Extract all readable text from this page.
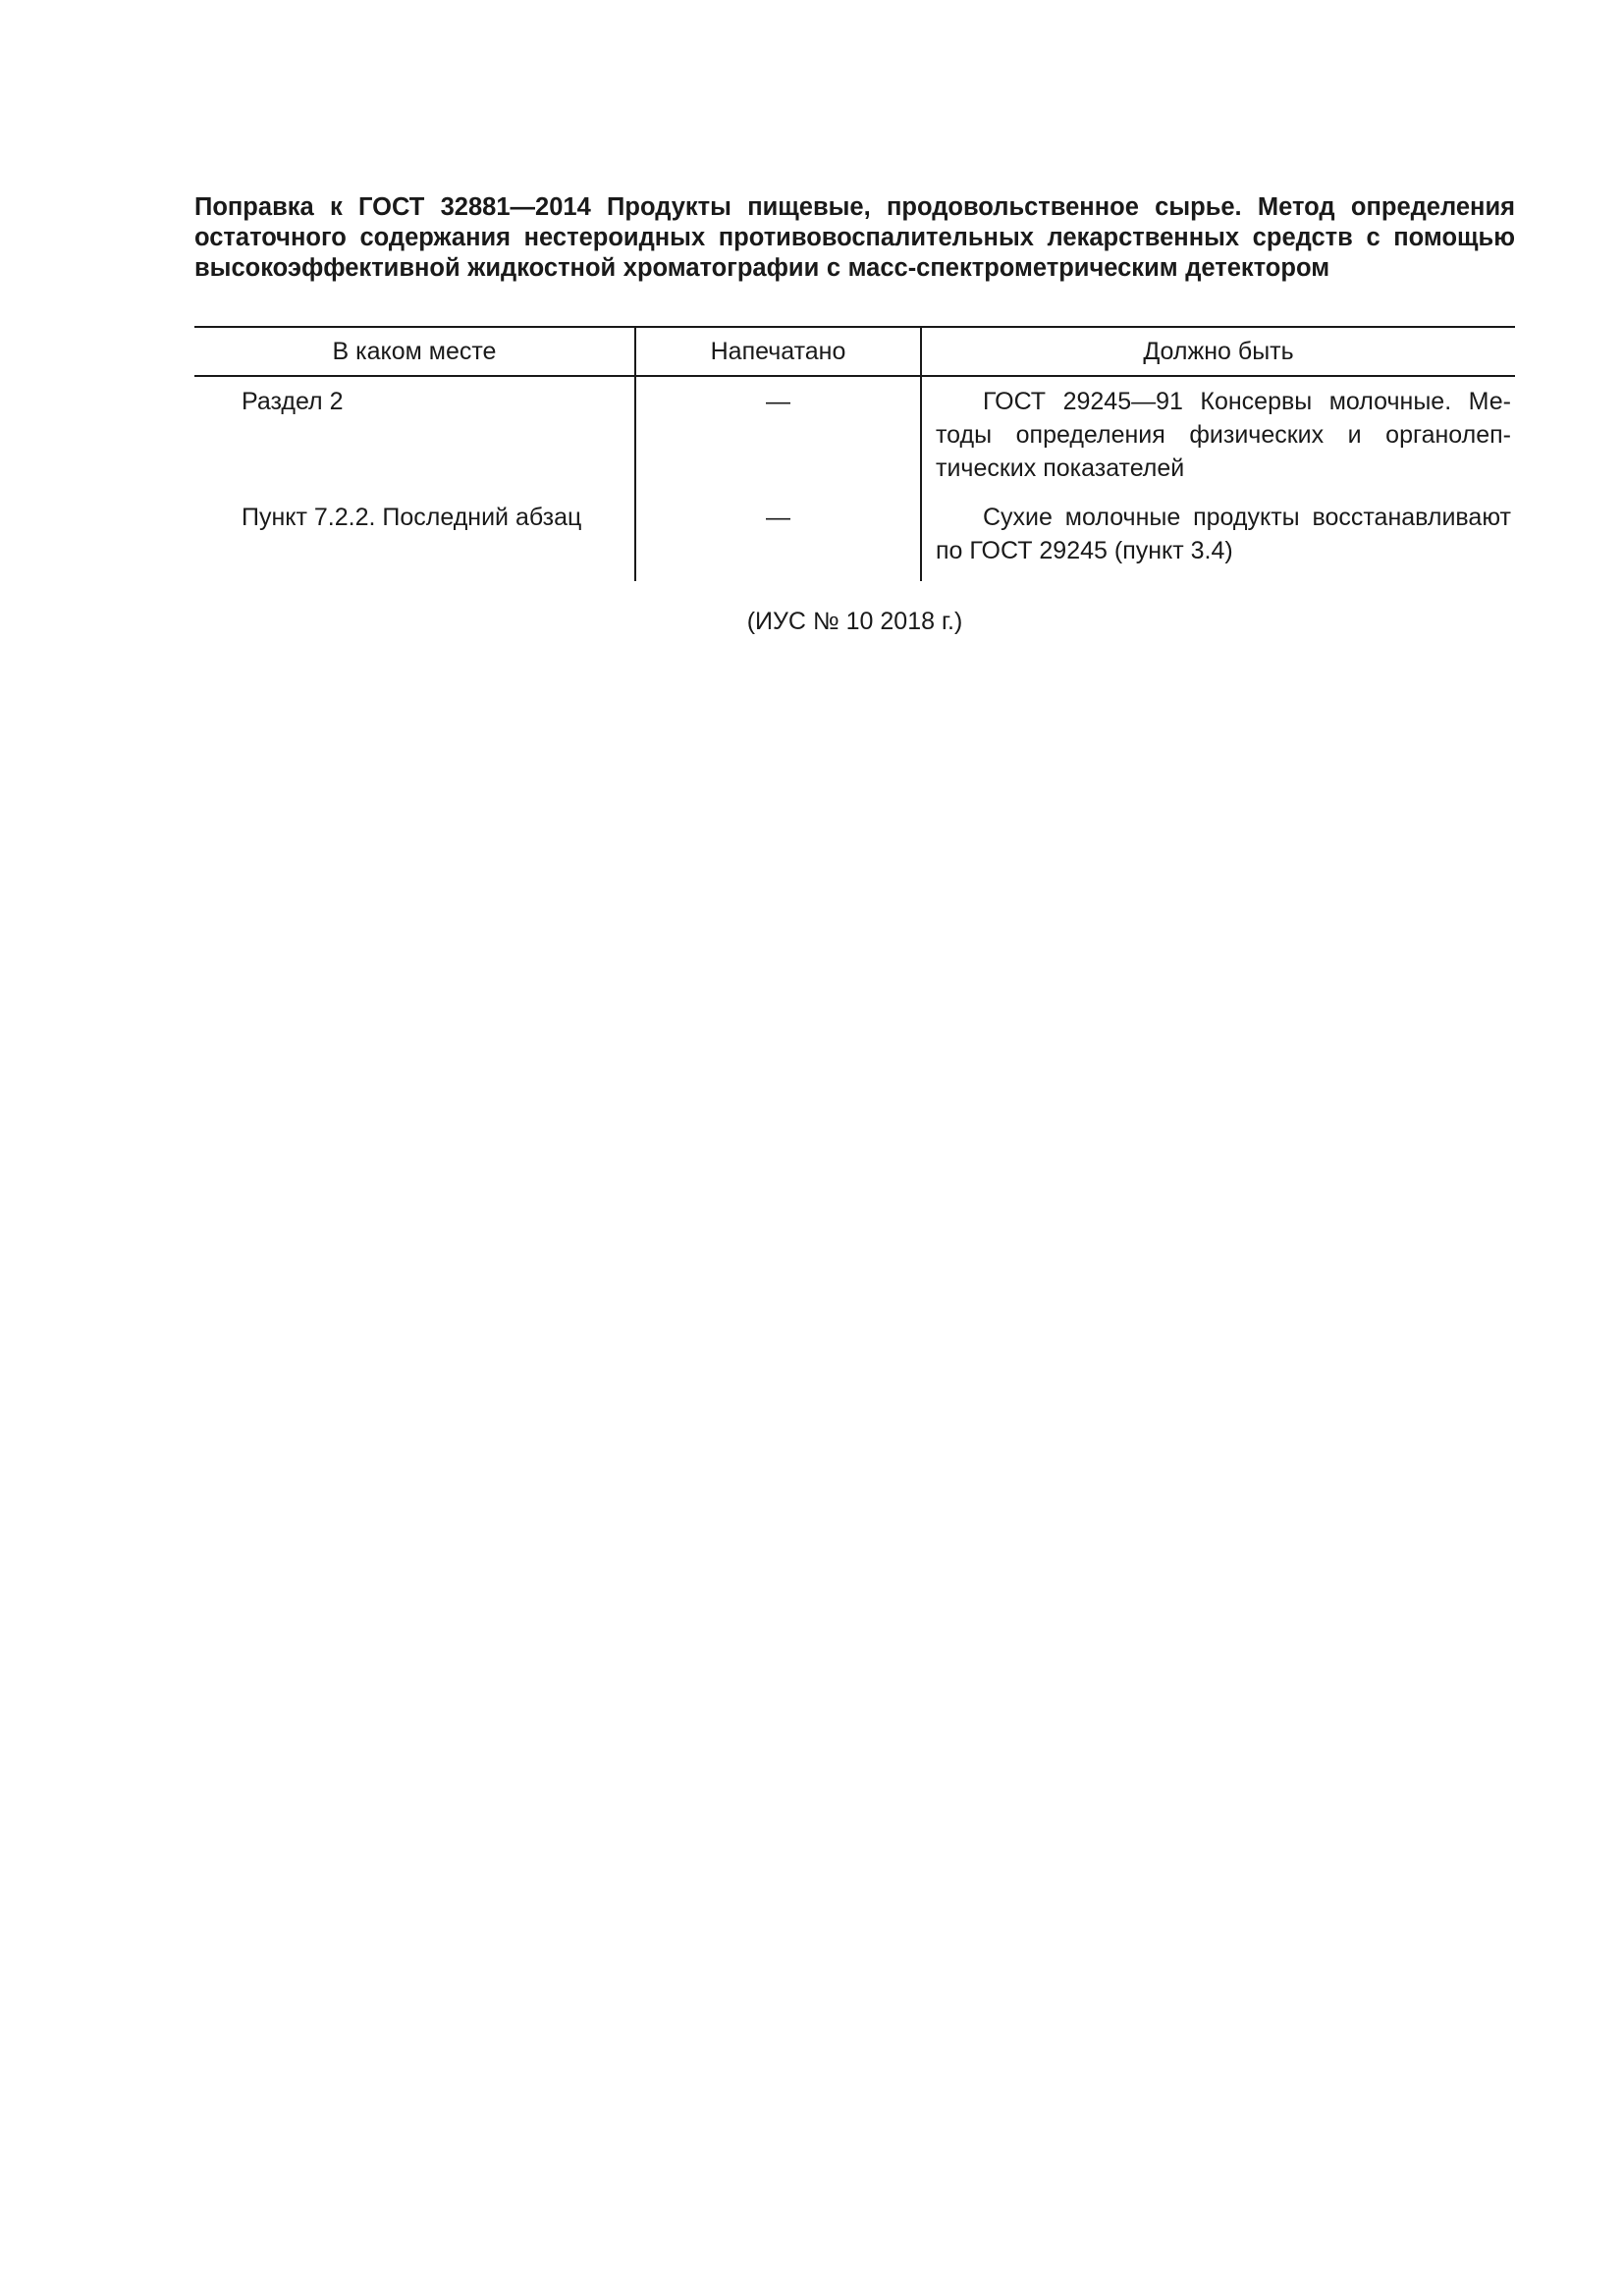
Поправка к ГОСТ 32881—2014 Продукты пищевые, продовольственное сырье. Метод определения остаточного содержания нестероидных противовоспалительных лекарственных средств с помощью высокоэффективной жидкостной хроматографии с масс-спектрометрическим детектором

В каком месте	Напечатано	Должно быть

Раздел 2	—	ГОСТ 29245—91 Консервы молочные. Методы определения физических и органолептических показателей

Пункт 7.2.2. Последний абзац	—	Сухие молочные продукты восстанавливают по ГОСТ 29245 (пункт 3.4)
(ИУС № 10 2018 г.)
